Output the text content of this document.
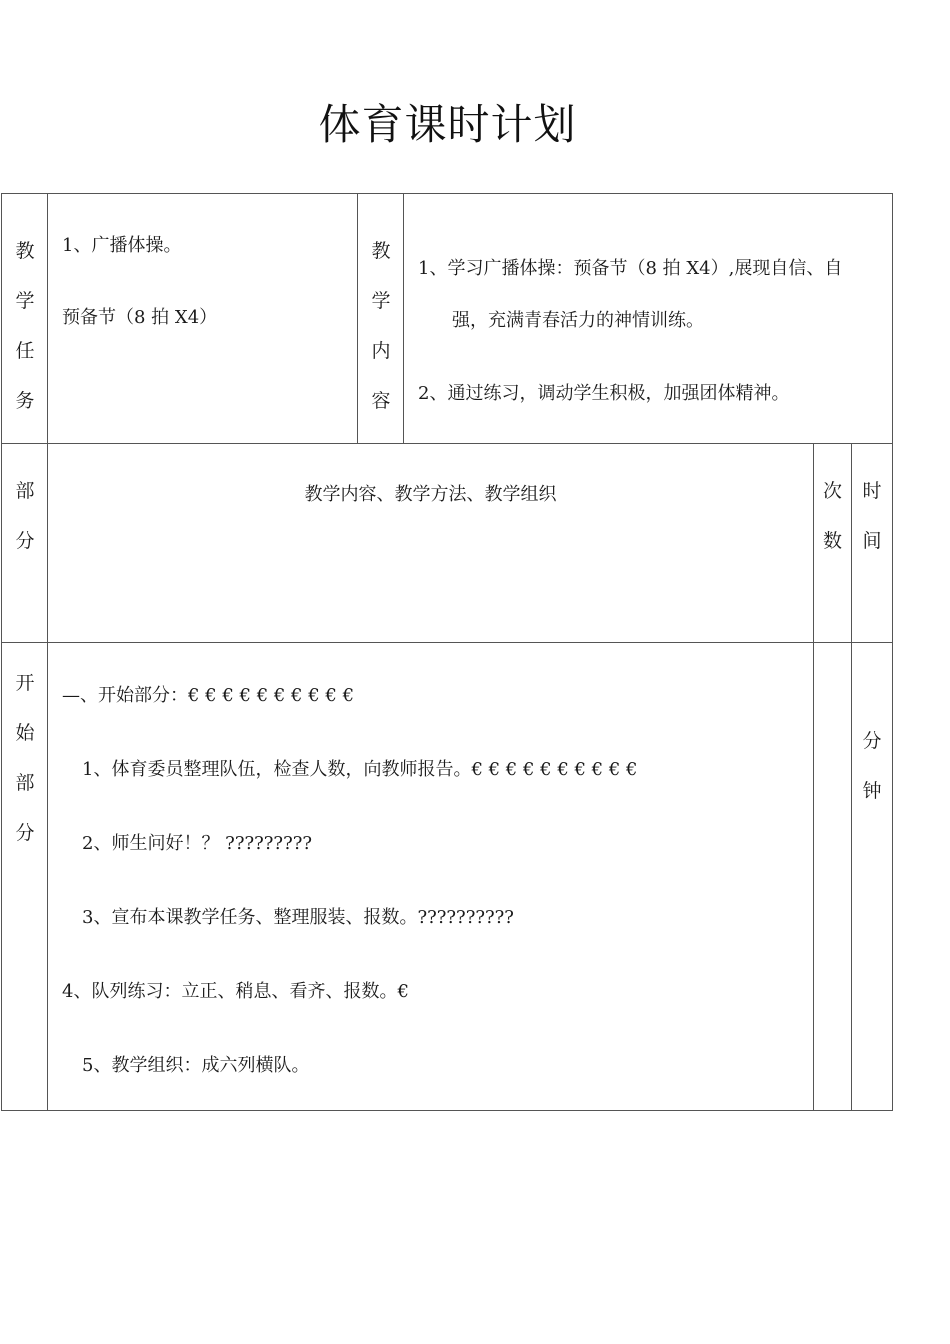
体育课时计划
教
学
任
务
1、广播体操。
预备节（8 拍 X4）
教
学
内
容
1、学习广播体操：预备节（8 拍 X4）,展现自信、自
强，充满青春活力的神情训练。
2、通过练习，调动学生积极，加强团体精神。
部
分
教学内容、教学方法、教学组织	次
数
时
间
开
始
部
分
—、开始部分：€ € € € € € € € € €
1、体育委员整理队伍，检查人数，向教师报告。€ € € € € € € € € €
2、师生问好！？ ?????????
3、宣布本课教学任务、整理服装、报数。??????????
4、队列练习：立正、稍息、看齐、报数。€
5、教学组织：成六列横队。
分
钟
